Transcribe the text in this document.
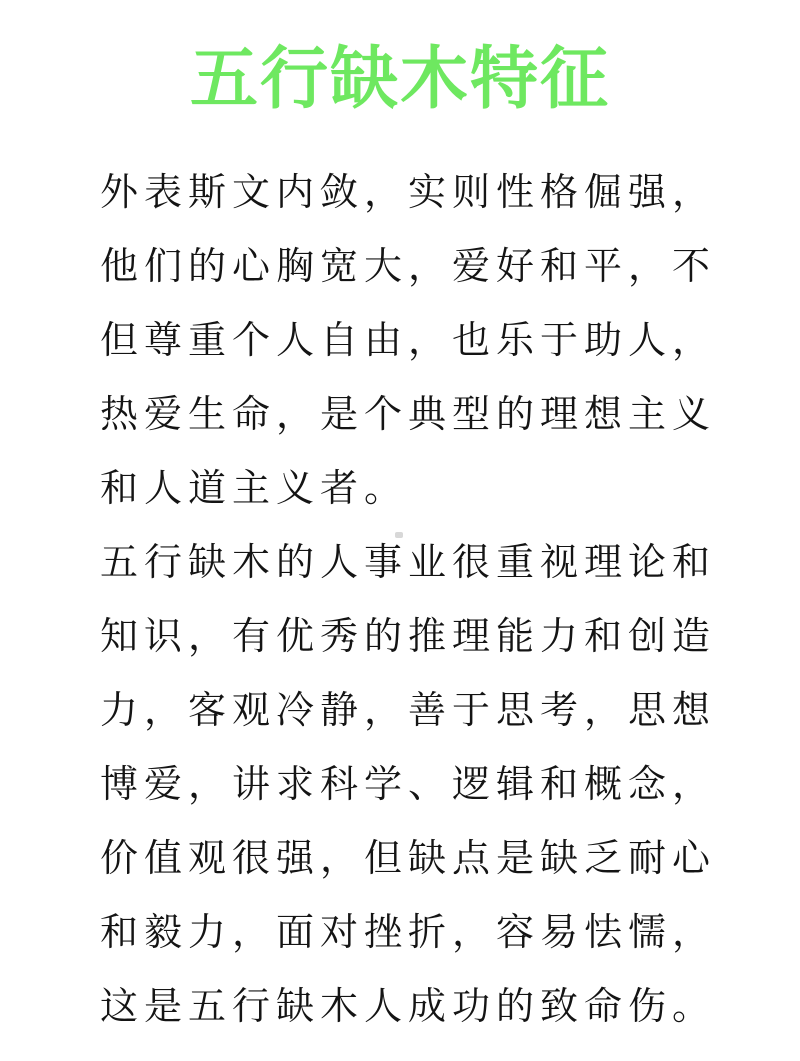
五行缺木特征
外表斯文内敛，实则性格倔强，
他们的心胸宽大，爱好和平，不
但尊重个人自由，也乐于助人，
热爱生命，是个典型的理想主义
和人道主义者。
五行缺木的人事业很重视理论和
知识，有优秀的推理能力和创造
力，客观冷静，善于思考，思想
博爱，讲求科学、逻辑和概念，
价值观很强，但缺点是缺乏耐心
和毅力，面对挫折，容易怯懦，
这是五行缺木人成功的致命伤。
